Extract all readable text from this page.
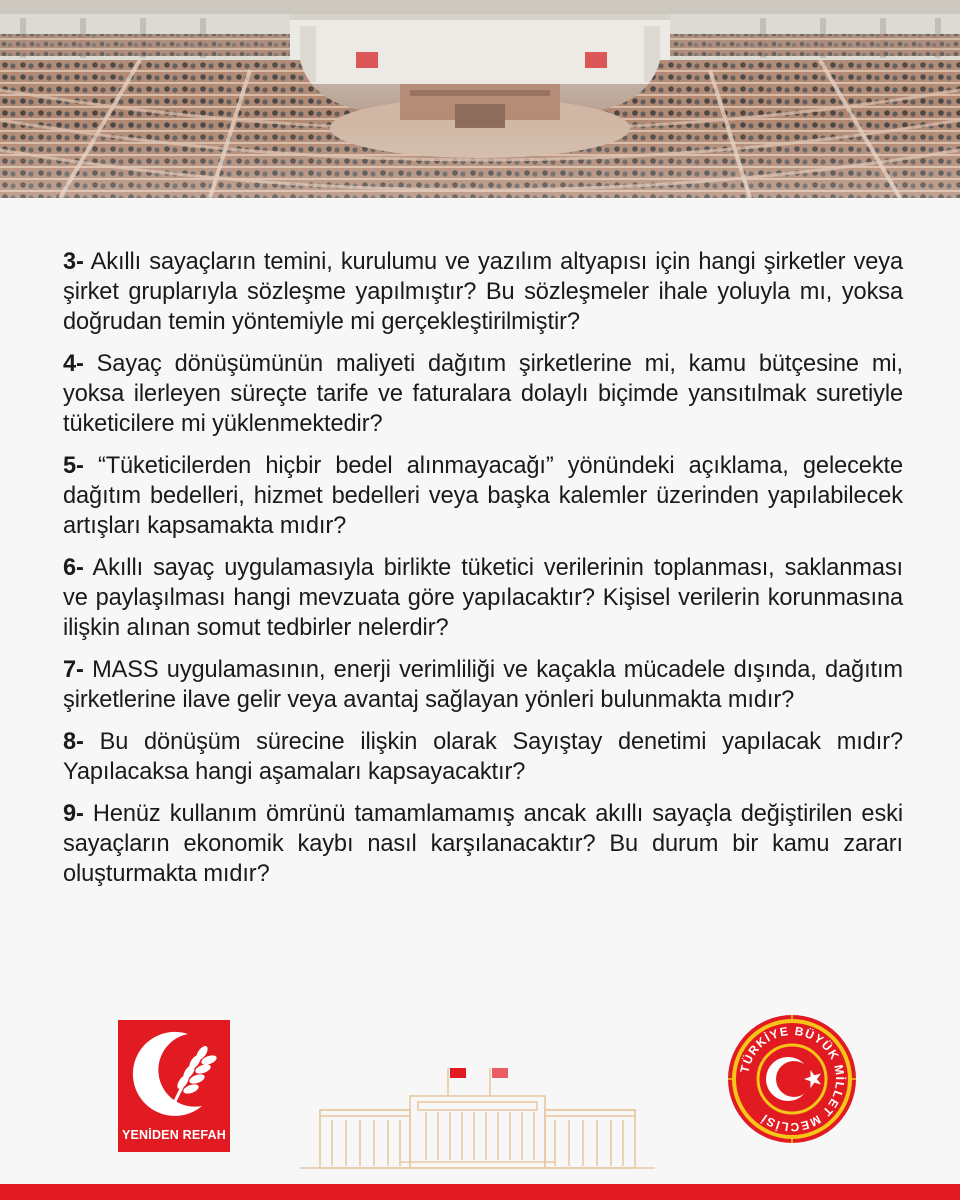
3- Akıllı sayaçların temini, kurulumu ve yazılım altyapısı için hangi şirketler veya şirket gruplarıyla sözleşme yapılmıştır? Bu sözleşmeler ihale yoluyla mı, yoksa doğrudan temin yöntemiyle mi gerçekleştirilmiştir?

4- Sayaç dönüşümünün maliyeti dağıtım şirketlerine mi, kamu bütçesine mi, yoksa ilerleyen süreçte tarife ve faturalara dolaylı biçimde yansıtılmak suretiyle tüketicilere mi yüklenmektedir?

5- “Tüketicilerden hiçbir bedel alınmayacağı” yönündeki açıklama, gelecekte dağıtım bedelleri, hizmet bedelleri veya başka kalemler üzerinden yapılabilecek artışları kapsamakta mıdır?

6- Akıllı sayaç uygulamasıyla birlikte tüketici verilerinin toplanması, saklanması ve paylaşılması hangi mevzuata göre yapılacaktır? Kişisel verilerin korunmasına ilişkin alınan somut tedbirler nelerdir?

7- MASS uygulamasının, enerji verimliliği ve kaçakla mücadele dışında, dağıtım şirketlerine ilave gelir veya avantaj sağlayan yönleri bulunmakta mıdır?

8- Bu dönüşüm sürecine ilişkin olarak Sayıştay denetimi yapılacak mıdır? Yapılacaksa hangi aşamaları kapsayacaktır?

9- Henüz kullanım ömrünü tamamlamamış ancak akıllı sayaçla değiştirilen eski sayaçların ekonomik kaybı nasıl karşılanacaktır? Bu durum bir kamu zararı oluşturmakta mıdır?

YENİDEN REFAH
TÜRKİYE BÜYÜK MİLLET MECLİSİ
